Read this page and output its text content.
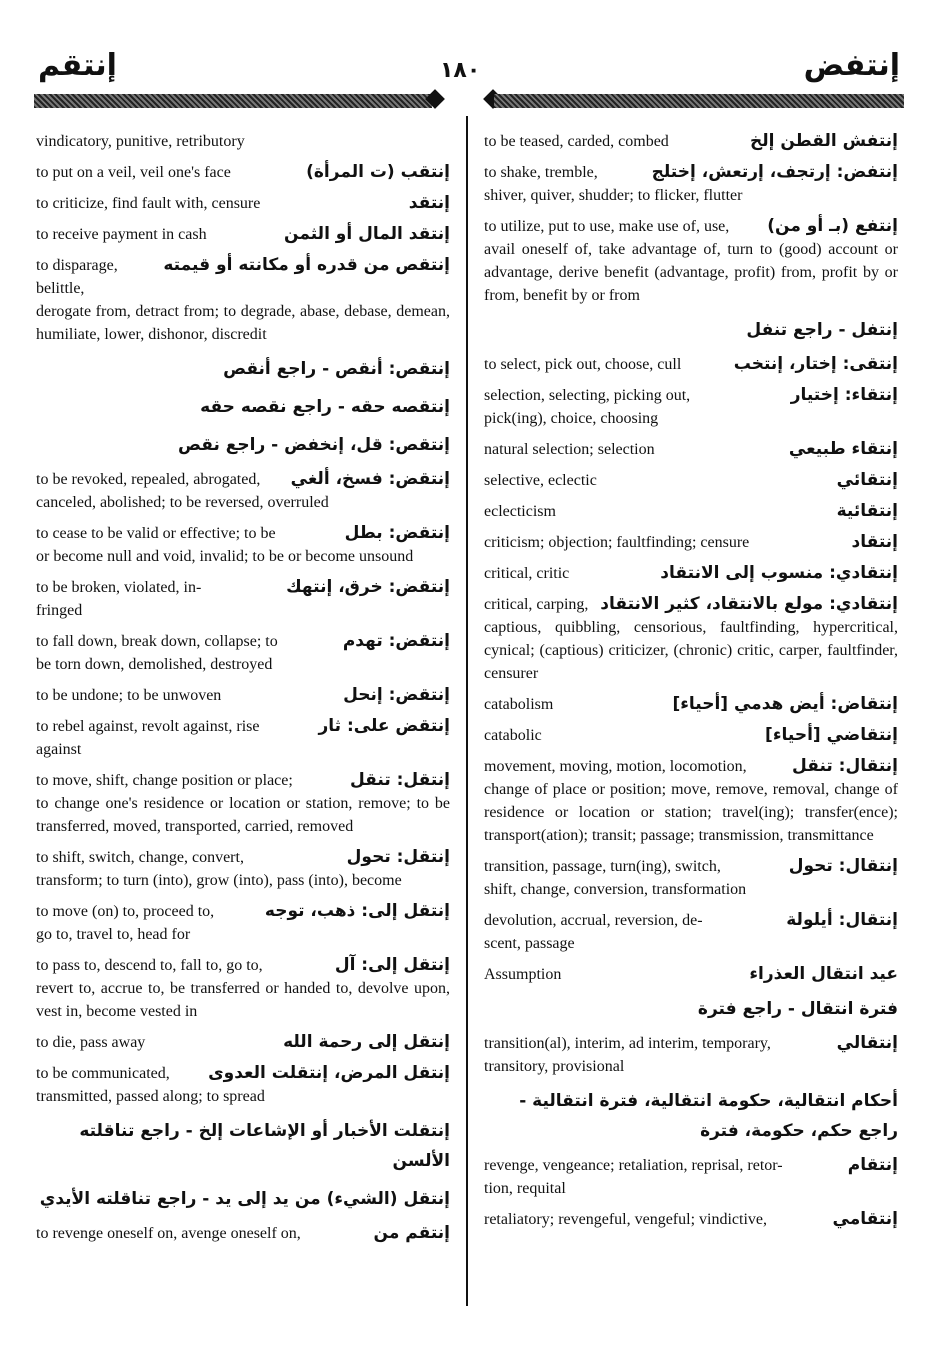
إنتقم	١٨٠	إنتفض
vindicatory, punitive, retributory
to put on a veil, veil one's face	إنتقب (ت المرأة)
to criticize, find fault with, censure	إنتقد
to receive payment in cash	إنتقد المال أو الثمن
to disparage, belittle,
إنتقص من قدره أو مكانته أو قيمته
derogate from, detract from; to degrade, abase, debase, demean, humiliate, lower, dishonor, discredit
إنتقص: أنقص - راجع أنقص
إنتقصه حقه - راجع نقصه حقه
إنتقص: قل، إنخفض - راجع نقص
to be revoked, repealed, abrogated, إنتقض: فسخ، ألغي
canceled, abolished; to be reversed, overruled
to cease to be valid or effective; to be	إنتقض: بطل
or become null and void, invalid; to be or become unsound
to be broken, violated, in-	إنتقض: خرق، إنتهك
fringed
to fall down, break down, collapse; to	إنتقض: تهدم
be torn down, demolished, destroyed
to be undone; to be unwoven	إنتقض: إنحل
to rebel against, revolt against, rise	إنتقض على: ثار
against
to move, shift, change position or place;	إنتقل: تنقل
to change one's residence or location or station, remove; to be transferred, moved, transported, carried, removed
to shift, switch, change, convert,	إنتقل: تحول
transform; to turn (into), grow (into), pass (into), become
to move (on) to, proceed to,	إنتقل إلى: ذهب، توجه
go to, travel to, head for
to pass to, descend to, fall to, go to,	إنتقل إلى: آل
revert to, accrue to, be transferred or handed to, devolve upon, vest in, become vested in
to die, pass away	إنتقل إلى رحمة الله
to be communicated, إنتقل المرض، إنتقلت العدوى
transmitted, passed along; to spread
إنتقلت الأخبار أو الإشاعات إلخ - راجع تناقلته الألسن
إنتقل (الشيء) من يد إلى يد - راجع تناقلته الأيدي
to revenge oneself on, avenge oneself on,	إنتقم من
to be teased, carded, combed	إنتفش القطن إلخ
to shake, tremble,	إنتفض: إرتجف، إرتعش، إختلج
shiver, quiver, shudder; to flicker, flutter
to utilize, put to use, make use of, use, إنتفع (بـ أو من)
avail oneself of, take advantage of, turn to (good) account or advantage, derive benefit (advantage, profit) from, profit by or from, benefit by or from
إنتفل - راجع تنفل
to select, pick out, choose, cull	إنتقى: إختار، إنتخب
selection, selecting, picking out,	إنتقاء: إختيار
pick(ing), choice, choosing
natural selection; selection	إنتقاء طبيعي
selective, eclectic	إنتقائي
eclecticism	إنتقائية
criticism; objection; faultfinding; censure	إنتقاد
critical, critic	إنتقادي: منسوب إلى الانتقاد
critical, carping, إنتقادي: مولع بالانتقاد، كثير الانتقاد
captious, quibbling, censorious, faultfinding, hypercritical, cynical; (captious) criticizer, (chronic) critic, carper, faultfinder, censurer
catabolism	إنتقاض: أيض هدمي [أحياء]
catabolic	إنتقاضي [أحياء]
movement, moving, motion, locomotion,	إنتقال: تنقل
change of place or position; move, remove, removal, change of residence or location or station; travel(ing); transfer(ence); transport(ation); transit; passage; transmission, transmittance
transition, passage, turn(ing), switch,	إنتقال: تحول
shift, change, conversion, transformation
devolution, accrual, reversion, de-	إنتقال: أيلولة
scent, passage
Assumption	عيد انتقال العذراء
فترة انتقال - راجع فترة
transition(al), interim, ad interim, temporary,	إنتقالي
transitory, provisional
أحكام انتقالية، حكومة انتقالية، فترة انتقالية - راجع حكم، حكومة، فترة
revenge, vengeance; retaliation, reprisal, retor-	إنتقام
tion, requital
retaliatory; revengeful, vengeful; vindictive,	إنتقامي
